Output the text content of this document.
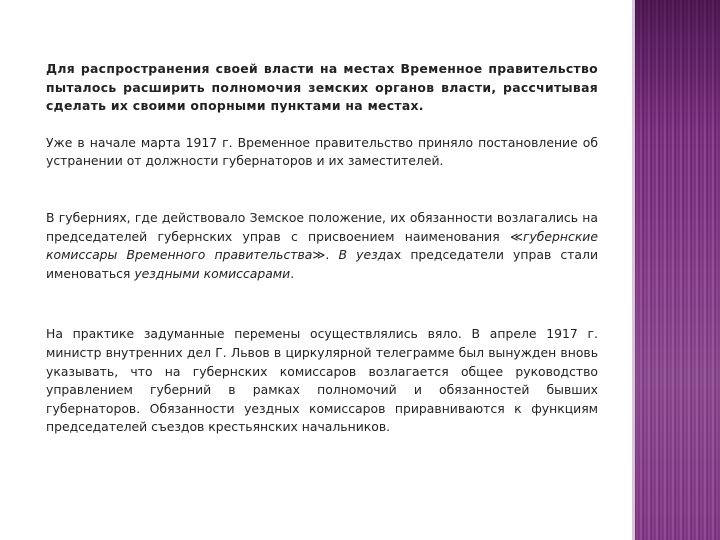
Для распространения своей власти на местах Временное правительство пыталось расширить полномочия земских органов власти, рассчитывая сделать их своими опорными пунктами на местах.

Уже в начале марта 1917 г. Временное правительство приняло постановление об устранении от должности губернаторов и их заместителей.

В губерниях, где действовало Земское положение, их обязанности возлагались на председателей губернских управ с присвоением наименования ≪губернские комиссары Временного правительства≫. В уездах председатели управ стали именоваться уездными комиссарами.

На практике задуманные перемены осуществлялись вяло. В апреле 1917 г. министр внутренних дел Г. Львов в циркулярной телеграмме был вынужден вновь указывать, что на губернских комиссаров возлагается общее руководство управлением губерний в рамках полномочий и обязанностей бывших губернаторов. Обязанности уездных комиссаров приравниваются к функциям председателей съездов крестьянских начальников.
